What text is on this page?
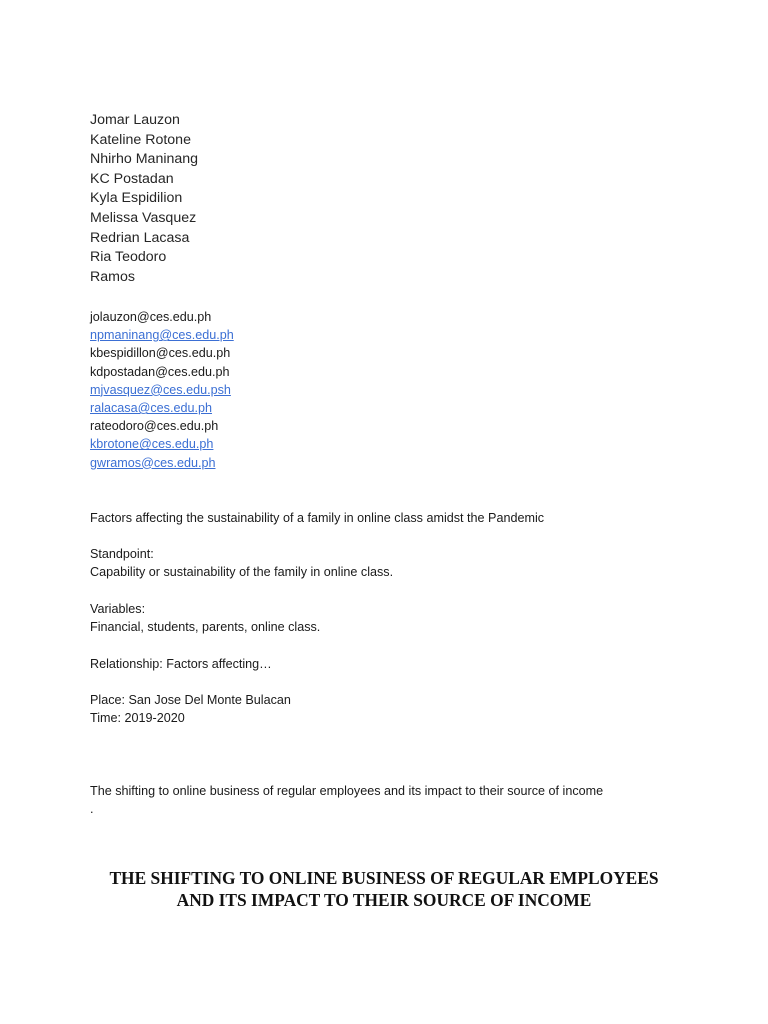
Jomar Lauzon
Kateline Rotone
Nhirho Maninang
KC Postadan
Kyla Espidilion
Melissa Vasquez
Redrian Lacasa
Ria Teodoro
Ramos
jolauzon@ces.edu.ph
npmaninang@ces.edu.ph
kbespidillon@ces.edu.ph
kdpostadan@ces.edu.ph
mjvasquez@ces.edu.psh
ralacasa@ces.edu.ph
rateodoro@ces.edu.ph
kbrotone@ces.edu.ph
gwramos@ces.edu.ph

Factors affecting the sustainability of a family in online class amidst the Pandemic

Standpoint:

Capability or sustainability of the family in online class.

Variables:

Financial, students, parents, online class.

Relationship: Factors affecting…

Place: San Jose Del Monte Bulacan

Time: 2019-2020

The shifting to online business of regular employees and its impact to their source of income

.

THE SHIFTING TO ONLINE BUSINESS OF REGULAR EMPLOYEES
AND ITS IMPACT TO THEIR SOURCE OF INCOME
